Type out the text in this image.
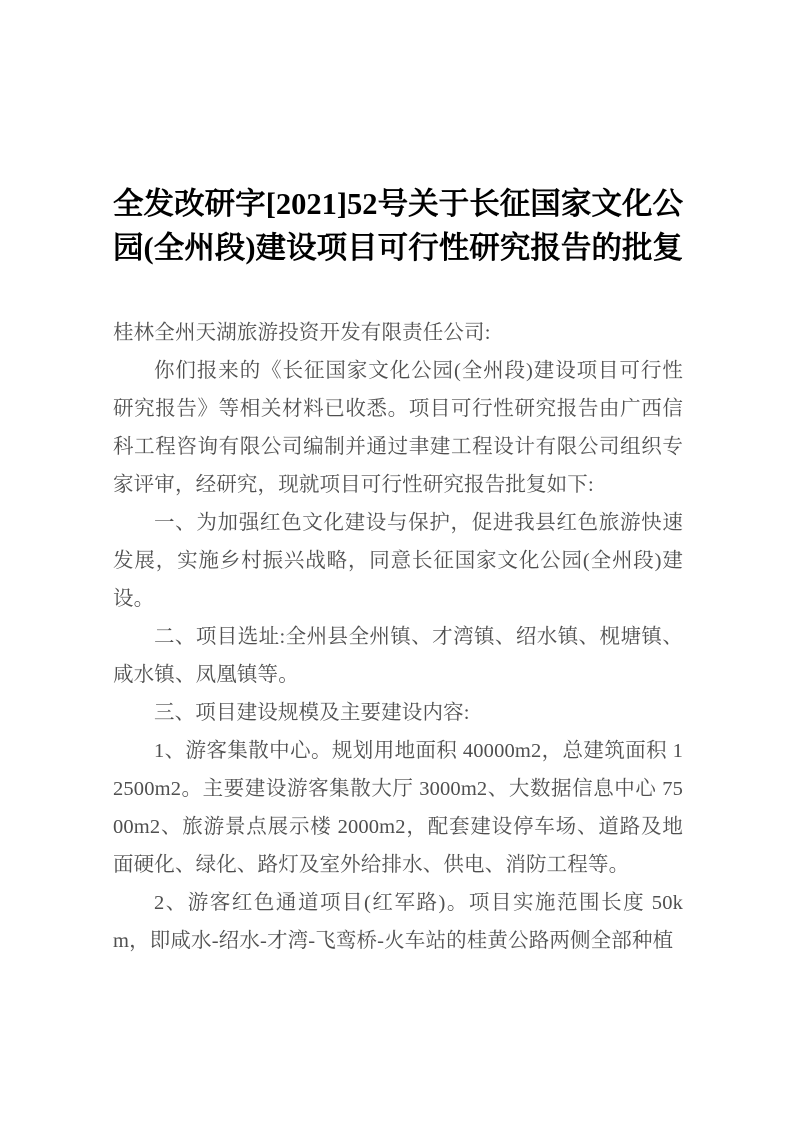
全发改研字[2021]52号关于长征国家文化公园(全州段)建设项目可行性研究报告的批复

桂林全州天湖旅游投资开发有限责任公司:

你们报来的《长征国家文化公园(全州段)建设项目可行性研究报告》等相关材料已收悉。项目可行性研究报告由广西信科工程咨询有限公司编制并通过聿建工程设计有限公司组织专家评审，经研究，现就项目可行性研究报告批复如下:

一、为加强红色文化建设与保护，促进我县红色旅游快速发展，实施乡村振兴战略，同意长征国家文化公园(全州段)建设。

二、项目选址:全州县全州镇、才湾镇、绍水镇、枧塘镇、咸水镇、凤凰镇等。

三、项目建设规模及主要建设内容:

1、游客集散中心。规划用地面积 40000m2，总建筑面积 12500m2。主要建设游客集散大厅 3000m2、大数据信息中心 7500m2、旅游景点展示楼 2000m2，配套建设停车场、道路及地面硬化、绿化、路灯及室外给排水、供电、消防工程等。

2、游客红色通道项目(红军路)。项目实施范围长度 50km，即咸水-绍水-才湾-飞鸾桥-火车站的桂黄公路两侧全部种植
